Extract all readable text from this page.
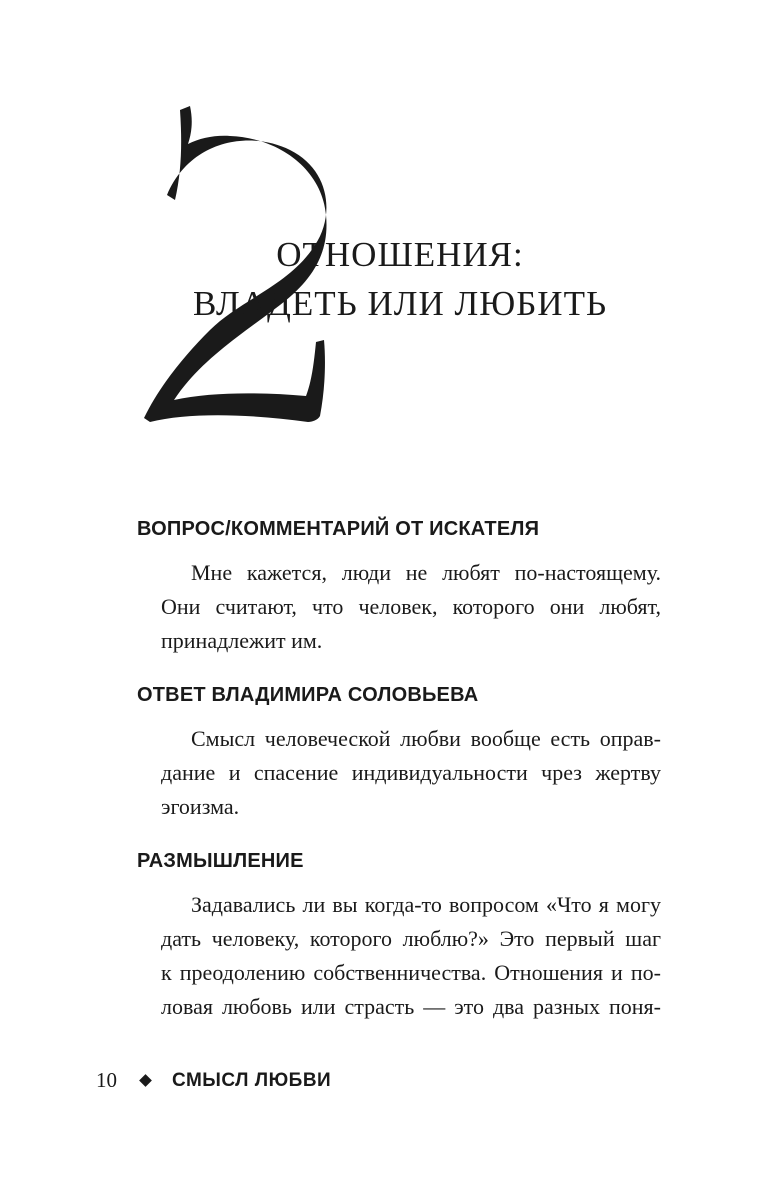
ОТНОШЕНИЯ:
ВЛАДЕТЬ ИЛИ ЛЮБИТЬ
ВОПРОС/КОММЕНТАРИЙ ОТ ИСКАТЕЛЯ
Мне кажется, люди не любят по-настоящему.
Они считают, что человек, которого они любят,
принадлежит им.
ОТВЕТ ВЛАДИМИРА СОЛОВЬЕВА
Смысл человеческой любви вообще есть оправ-
дание и спасение индивидуальности чрез жертву
эгоизма.
РАЗМЫШЛЕНИЕ
Задавались ли вы когда-то вопросом «Что я могу
дать человеку, которого люблю?» Это первый шаг
к преодолению собственничества. Отношения и по-
ловая любовь или страсть — это два разных поня-
10	СМЫСЛ ЛЮБВИ
